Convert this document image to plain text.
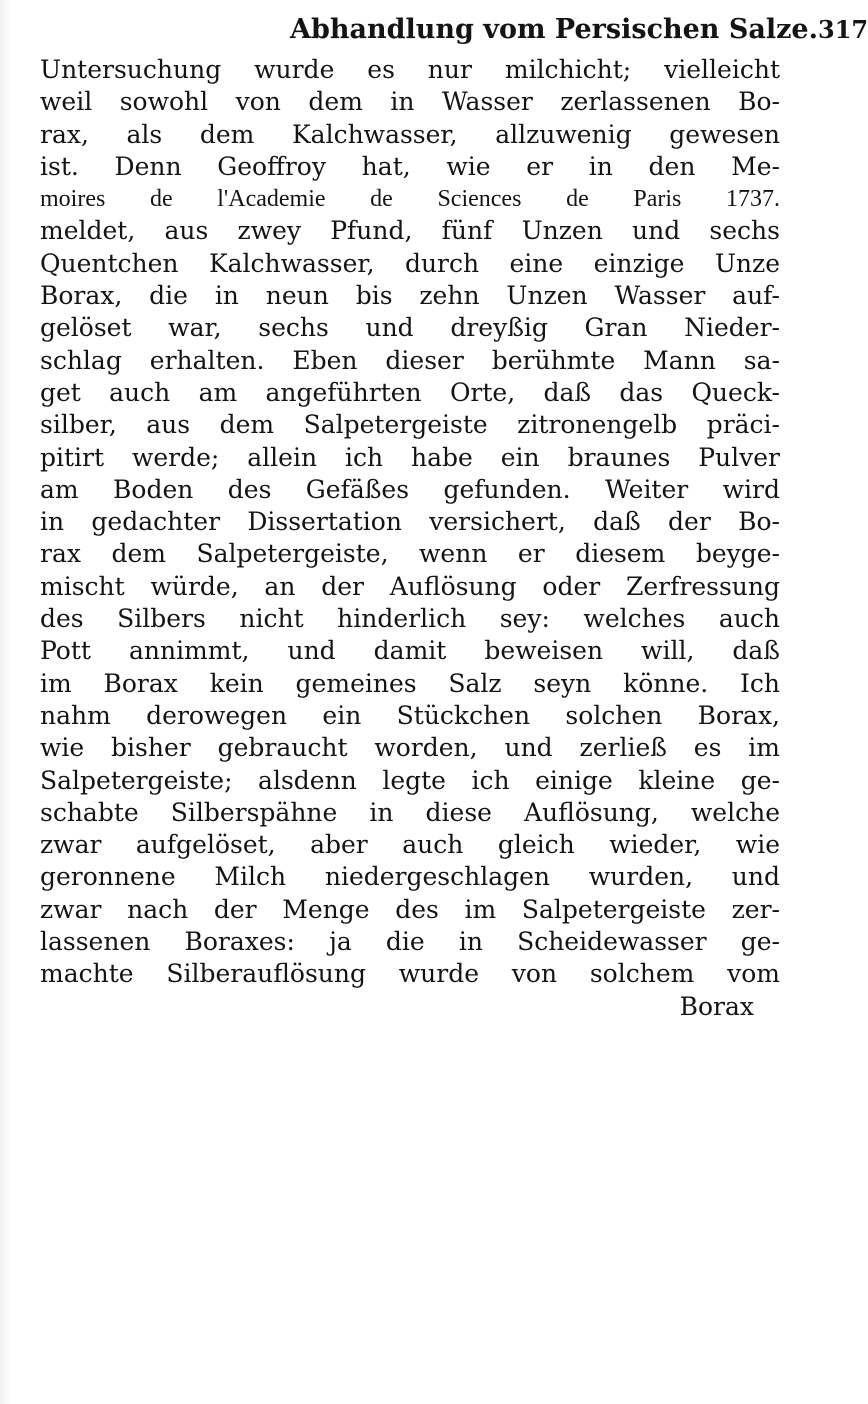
Abhandlung vom Persischen Salze. 317
Untersuchung wurde es nur milchicht; vielleicht
weil sowohl von dem in Wasser zerlassenen Bo-
rax, als dem Kalchwasser, allzuwenig gewesen
ist. Denn Geoffroy hat, wie er in den Me-
moires de l'Academie de Sciences de Paris 1737.
meldet, aus zwey Pfund, fünf Unzen und sechs
Quentchen Kalchwasser, durch eine einzige Unze
Borax, die in neun bis zehn Unzen Wasser auf-
gelöset war, sechs und dreyßig Gran Nieder-
schlag erhalten. Eben dieser berühmte Mann sa-
get auch am angeführten Orte, daß das Queck-
silber, aus dem Salpetergeiste zitronengelb präci-
pitirt werde; allein ich habe ein braunes Pulver
am Boden des Gefäßes gefunden. Weiter wird
in gedachter Dissertation versichert, daß der Bo-
rax dem Salpetergeiste, wenn er diesem beyge-
mischt würde, an der Auflösung oder Zerfressung
des Silbers nicht hinderlich sey: welches auch
Pott annimmt, und damit beweisen will, daß
im Borax kein gemeines Salz seyn könne. Ich
nahm derowegen ein Stückchen solchen Borax,
wie bisher gebraucht worden, und zerließ es im
Salpetergeiste; alsdenn legte ich einige kleine ge-
schabte Silberspähne in diese Auflösung, welche
zwar aufgelöset, aber auch gleich wieder, wie
geronnene Milch niedergeschlagen wurden, und
zwar nach der Menge des im Salpetergeiste zer-
lassenen Boraxes: ja die in Scheidewasser ge-
machte Silberauflösung wurde von solchem vom
Borax
